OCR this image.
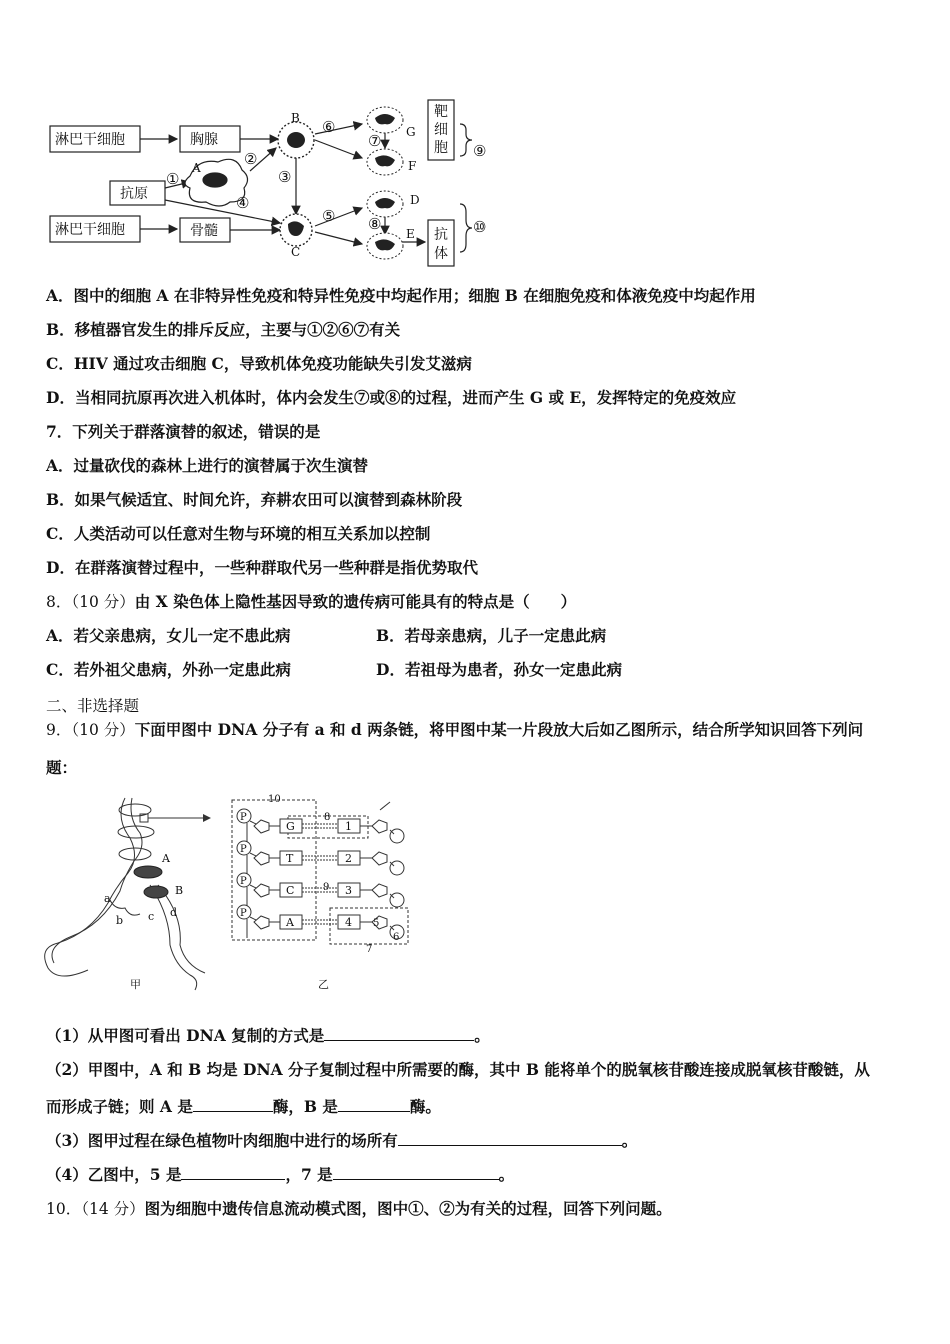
淋巴干细胞	胸腺
抗原
淋巴干细胞	骨髓
靶
细
胞
抗
体
A
B
C
G
F
D
E
①
②
③
④
⑤
⑥
⑦
⑧
⑨
⑩
A．图中的细胞 A 在非特异性免疫和特异性免疫中均起作用；细胞 B 在细胞免疫和体液免疫中均起作用
B．移植器官发生的排斥反应，主要与①②⑥⑦有关
C．HIV 通过攻击细胞 C，导致机体免疫功能缺失引发艾滋病
D．当相同抗原再次进入机体时，体内会发生⑦或⑧的过程，进而产生 G 或 E，发挥特定的免疫效应
7．下列关于群落演替的叙述，错误的是
A．过量砍伐的森林上进行的演替属于次生演替
B．如果气候适宜、时间允许，弃耕农田可以演替到森林阶段
C．人类活动可以任意对生物与环境的相互关系加以控制
D．在群落演替过程中，一些种群取代另一些种群是指优势取代
8．（10 分）由 X 染色体上隐性基因导致的遗传病可能具有的特点是（　　）
A．若父亲患病，女儿一定不患此病	B．若母亲患病，儿子一定患此病
C．若外祖父患病，外孙一定患此病	D．若祖母为患者，孙女一定患此病
二、非选择题
9．（10 分）下面甲图中 DNA 分子有 a 和 d 两条链，将甲图中某一片段放大后如乙图所示，结合所学知识回答下列问
题：
A
B
a
b c d
甲	乙
P
G	1
P
T	2
P
C	3
P
A	4
10
8
9
5
6
7
（1）从甲图可看出 DNA 复制的方式是	。
（2）甲图中，A 和 B 均是 DNA 分子复制过程中所需要的酶，其中 B 能将单个的脱氧核苷酸连接成脱氧核苷酸链，从
而形成子链；则 A 是	酶，B 是	酶。
（3）图甲过程在绿色植物叶肉细胞中进行的场所有	。
（4）乙图中，5 是	，7 是	。
10．（14 分）图为细胞中遗传信息流动模式图，图中①、②为有关的过程，回答下列问题。
